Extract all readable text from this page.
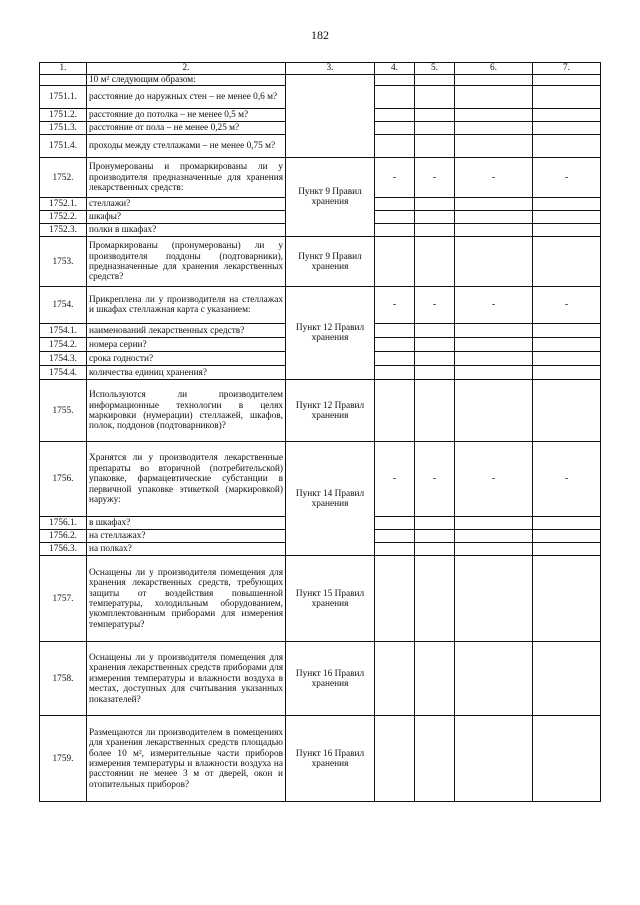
182
1.	2.	3.	4.	5.	6.	7.
	10 м² следующим образом:					
1751.1.	расстояние до наружных стен – не менее 0,6 м?					
1751.2.	расстояние до потолка – не менее 0,5 м?					
1751.3.	расстояние от пола – не менее 0,25 м?					
1751.4.	проходы между стеллажами – не менее 0,75 м?					
1752.	Пронумерованы и промаркированы ли у производителя предназначенные для хранения лекарственных средств:	Пункт 9 Правил хранения	-	-	-	-
1752.1.	стеллажи?					
1752.2.	шкафы?					
1752.3.	полки в шкафах?					
1753.	Промаркированы (пронумерованы) ли у производителя поддоны (подтоварники), предназначенные для хранения лекарственных средств?	Пункт 9 Правил хранения				
1754.	Прикреплена ли у производителя на стеллажах и шкафах стеллажная карта с указанием:	Пункт 12 Правил хранения	-	-	-	-
1754.1.	наименований лекарственных средств?					
1754.2.	номера серии?					
1754.3.	срока годности?					
1754.4.	количества единиц хранения?					
1755.	Используются ли производителем информационные технологии в целях маркировки (нумерации) стеллажей, шкафов, полок, поддонов (подтоварников)?	Пункт 12 Правил хранения				
1756.	Хранятся ли у производителя лекарственные препараты во вторичной (потребительской) упаковке, фармацевтические субстанции в первичной упаковке этикеткой (маркировкой) наружу:	Пункт 14 Правил хранения	-	-	-	-
1756.1.	в шкафах?					
1756.2.	на стеллажах?					
1756.3.	на полках?					
1757.	Оснащены ли у производителя помещения для хранения лекарственных средств, требующих защиты от воздействия повышенной температуры, холодильным оборудованием, укомплектованным приборами для измерения температуры?	Пункт 15 Правил хранения				
1758.	Оснащены ли у производителя помещения для хранения лекарственных средств приборами для измерения температуры и влажности воздуха в местах, доступных для считывания указанных показателей?	Пункт 16 Правил хранения				
1759.	Размещаются ли производителем в помещениях для хранения лекарственных средств площадью более 10 м², измерительные части приборов измерения температуры и влажности воздуха на расстоянии не менее 3 м от дверей, окон и отопительных приборов?	Пункт 16 Правил хранения				
